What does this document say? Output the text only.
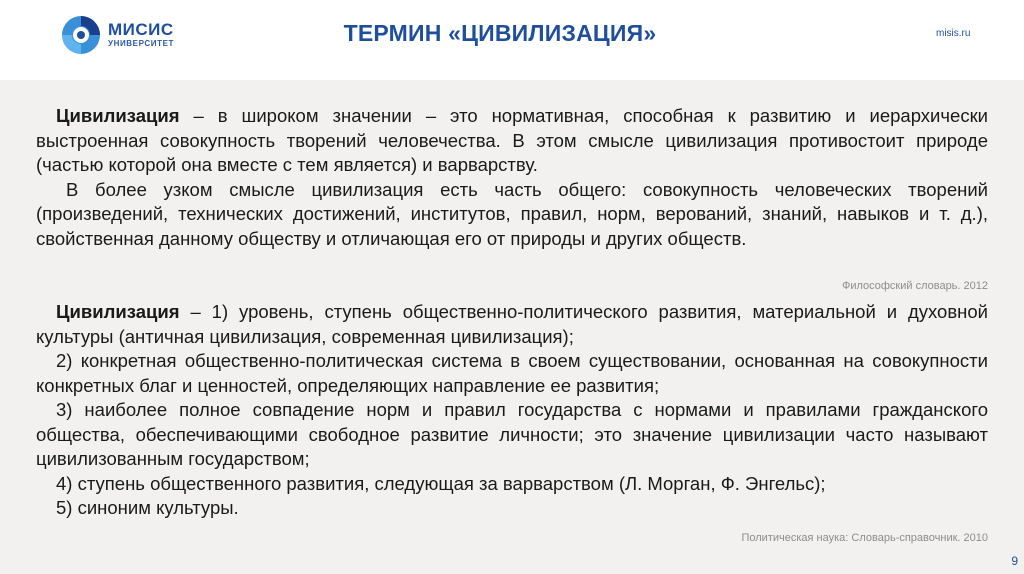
МИСИС
УНИВЕРСИТЕТ	ТЕРМИН «ЦИВИЛИЗАЦИЯ»	misis.ru

Цивилизация – в широком значении – это нормативная, способная к развитию и иерархически выстроенная совокупность творений человечества. В этом смысле цивилизация противостоит природе (частью которой она вместе с тем является) и варварству.

В более узком смысле цивилизация есть часть общего: совокупность человеческих творений (произведений, технических достижений, институтов, правил, норм, верований, знаний, навыков и т. д.), свойственная данному обществу и отличающая его от природы и других обществ.

Философский словарь. 2012

Цивилизация – 1) уровень, ступень общественно-политического развития, материальной и духовной культуры (античная цивилизация, современная цивилизация);

2) конкретная общественно-политическая система в своем существовании, основанная на совокупности конкретных благ и ценностей, определяющих направление ее развития;

3) наиболее полное совпадение норм и правил государства с нормами и правилами гражданского общества, обеспечивающими свободное развитие личности; это значение цивилизации часто называют цивилизованным государством;

4) ступень общественного развития, следующая за варварством (Л. Морган, Ф. Энгельс);

5) синоним культуры.

Политическая наука: Словарь-справочник. 2010
9
